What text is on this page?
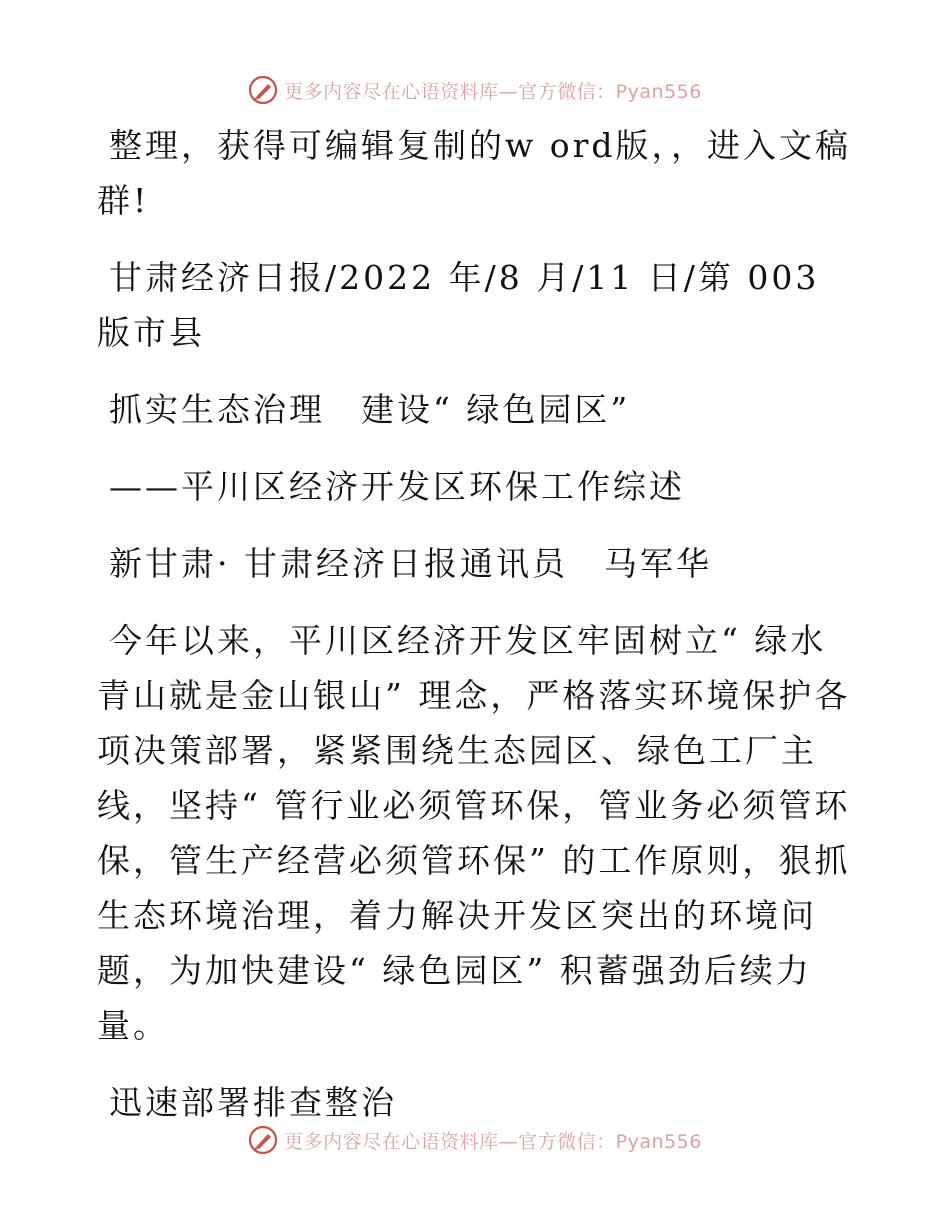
更多内容尽在心语资料库—官方微信：Pyan556

整理，获得可编辑复制的w ord版，，进入文稿群!

甘肃经济日报/2022 年/8 月/11 日/第 003 版市县

抓实生态治理　建设“ 绿色园区”

——平川区经济开发区环保工作综述

新甘肃· 甘肃经济日报通讯员　马军华

今年以来，平川区经济开发区牢固树立“ 绿水青山就是金山银山” 理念，严格落实环境保护各项决策部署，紧紧围绕生态园区、绿色工厂主线，坚持“ 管行业必须管环保，管业务必须管环保，管生产经营必须管环保” 的工作原则，狠抓生态环境治理，着力解决开发区突出的环境问题，为加快建设“ 绿色园区” 积蓄强劲后续力量。

迅速部署排查整治

更多内容尽在心语资料库—官方微信：Pyan556
